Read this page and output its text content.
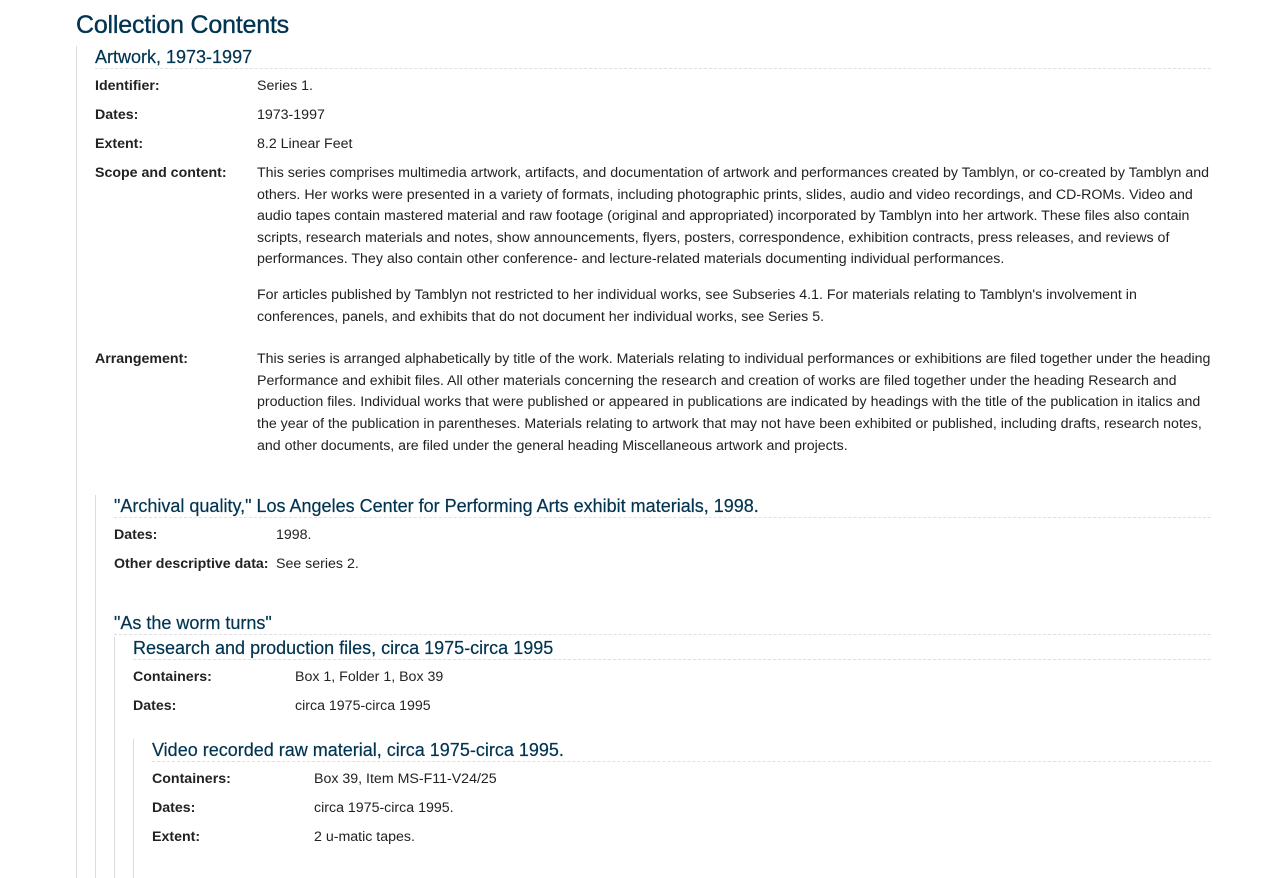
Collection Contents
Artwork, 1973-1997
Identifier:	Series 1.
Dates:	1973-1997
Extent:	8.2 Linear Feet
Scope and content:	This series comprises multimedia artwork, artifacts, and documentation of artwork and performances created by Tamblyn, or co-created by Tamblyn and others. Her works were presented in a variety of formats, including photographic prints, slides, audio and video recordings, and CD-ROMs. Video and audio tapes contain mastered material and raw footage (original and appropriated) incorporated by Tamblyn into her artwork. These files also contain scripts, research materials and notes, show announcements, flyers, posters, correspondence, exhibition contracts, press releases, and reviews of performances. They also contain other conference- and lecture-related materials documenting individual performances.

For articles published by Tamblyn not restricted to her individual works, see Subseries 4.1. For materials relating to Tamblyn's involvement in conferences, panels, and exhibits that do not document her individual works, see Series 5.

Arrangement:	This series is arranged alphabetically by title of the work. Materials relating to individual performances or exhibitions are filed together under the heading Performance and exhibit files. All other materials concerning the research and creation of works are filed together under the heading Research and production files. Individual works that were published or appeared in publications are indicated by headings with the title of the publication in italics and the year of the publication in parentheses. Materials relating to artwork that may not have been exhibited or published, including drafts, research notes, and other documents, are filed under the general heading Miscellaneous artwork and projects.
"Archival quality," Los Angeles Center for Performing Arts exhibit materials, 1998.
Dates:	1998.
Other descriptive data: See series 2.
"As the worm turns"
Research and production files, circa 1975-circa 1995
Containers:	Box 1, Folder 1, Box 39
Dates:	circa 1975-circa 1995
Video recorded raw material, circa 1975-circa 1995.
Containers:	Box 39, Item MS-F11-V24/25
Dates:	circa 1975-circa 1995.
Extent:	2 u-matic tapes.
